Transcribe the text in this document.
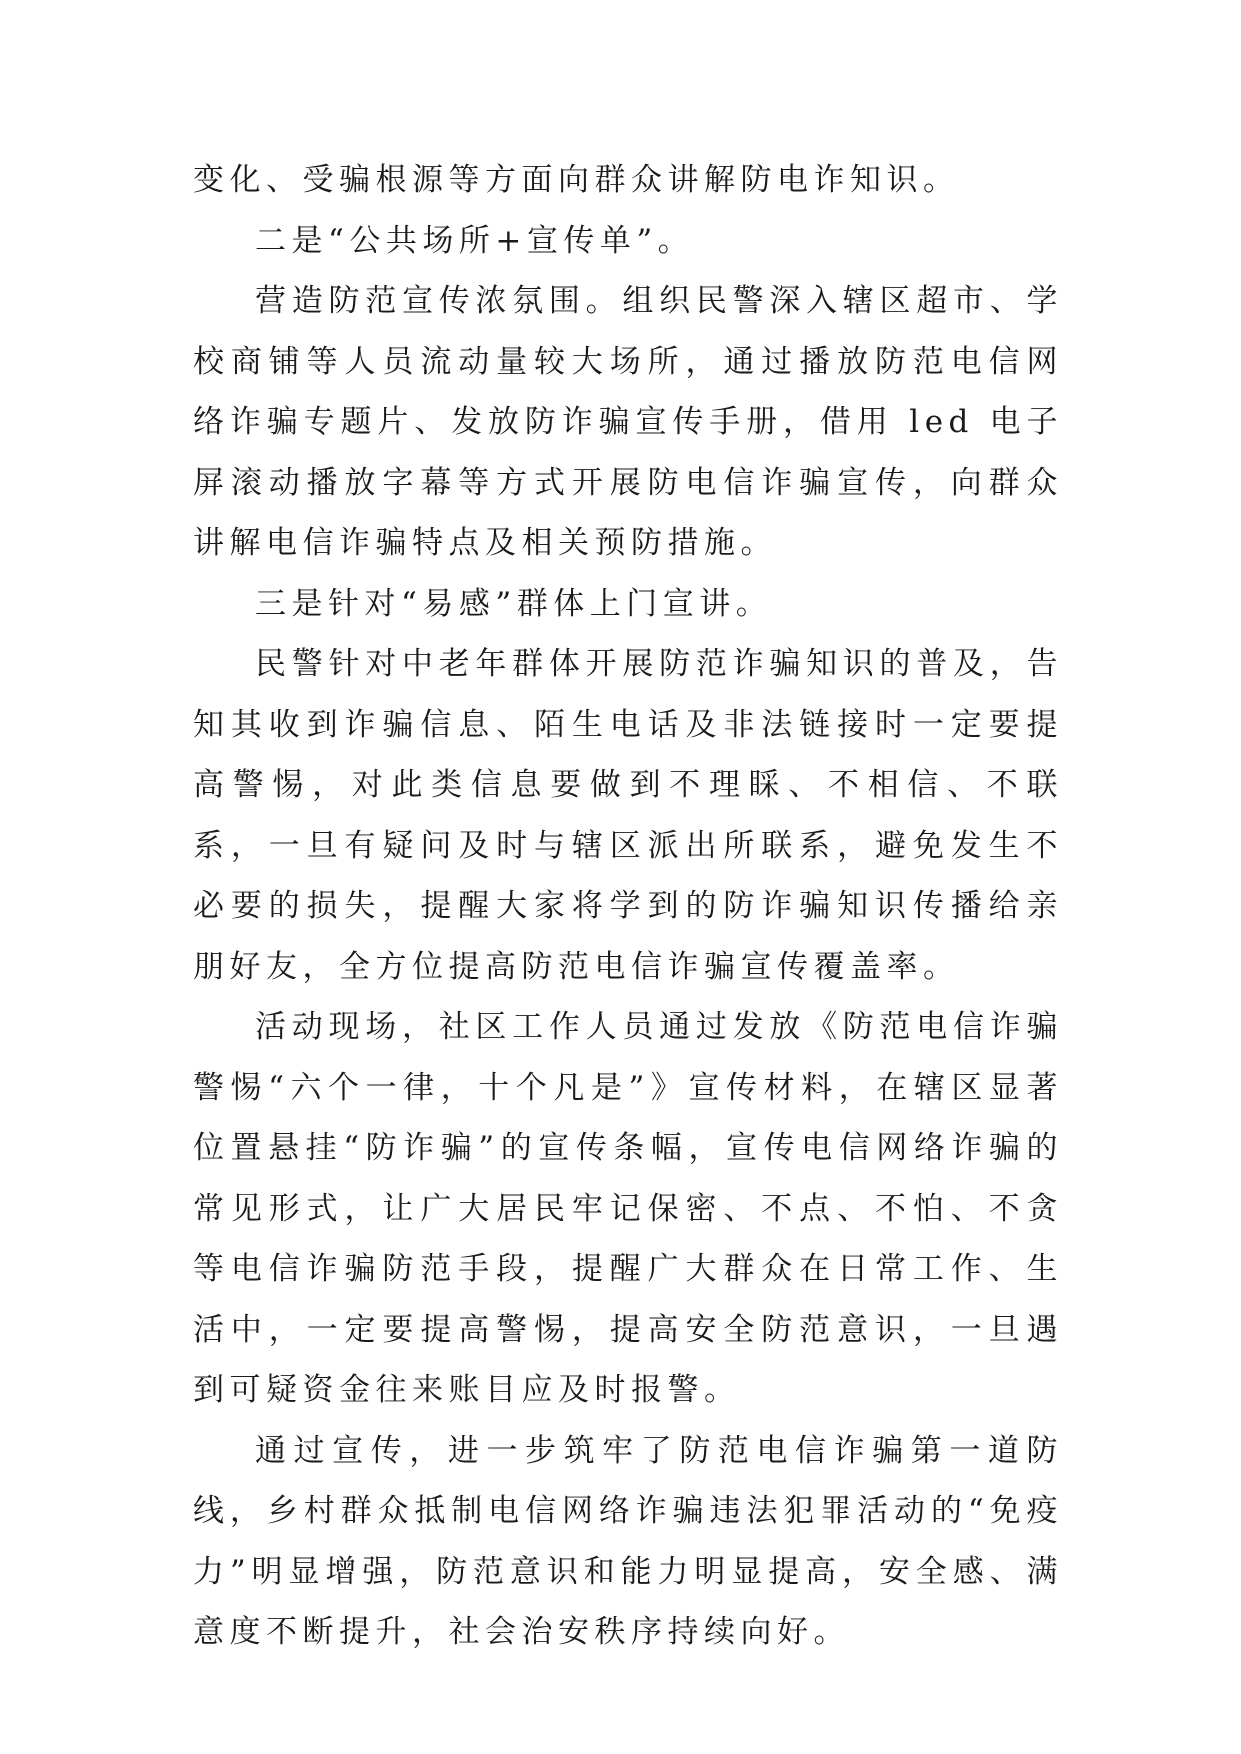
变化、受骗根源等方面向群众讲解防电诈知识。

二是“公共场所+宣传单”。

营造防范宣传浓氛围。组织民警深入辖区超市、学校商铺等人员流动量较大场所，通过播放防范电信网络诈骗专题片、发放防诈骗宣传手册，借用 led 电子屏滚动播放字幕等方式开展防电信诈骗宣传，向群众讲解电信诈骗特点及相关预防措施。

三是针对“易感”群体上门宣讲。

民警针对中老年群体开展防范诈骗知识的普及，告知其收到诈骗信息、陌生电话及非法链接时一定要提高警惕，对此类信息要做到不理睬、不相信、不联系，一旦有疑问及时与辖区派出所联系，避免发生不必要的损失，提醒大家将学到的防诈骗知识传播给亲朋好友，全方位提高防范电信诈骗宣传覆盖率。

活动现场，社区工作人员通过发放《防范电信诈骗警惕“六个一律，十个凡是”》宣传材料，在辖区显著位置悬挂“防诈骗”的宣传条幅，宣传电信网络诈骗的常见形式，让广大居民牢记保密、不点、不怕、不贪等电信诈骗防范手段，提醒广大群众在日常工作、生活中，一定要提高警惕，提高安全防范意识，一旦遇到可疑资金往来账目应及时报警。

通过宣传，进一步筑牢了防范电信诈骗第一道防线，乡村群众抵制电信网络诈骗违法犯罪活动的“免疫力”明显增强，防范意识和能力明显提高，安全感、满意度不断提升，社会治安秩序持续向好。
